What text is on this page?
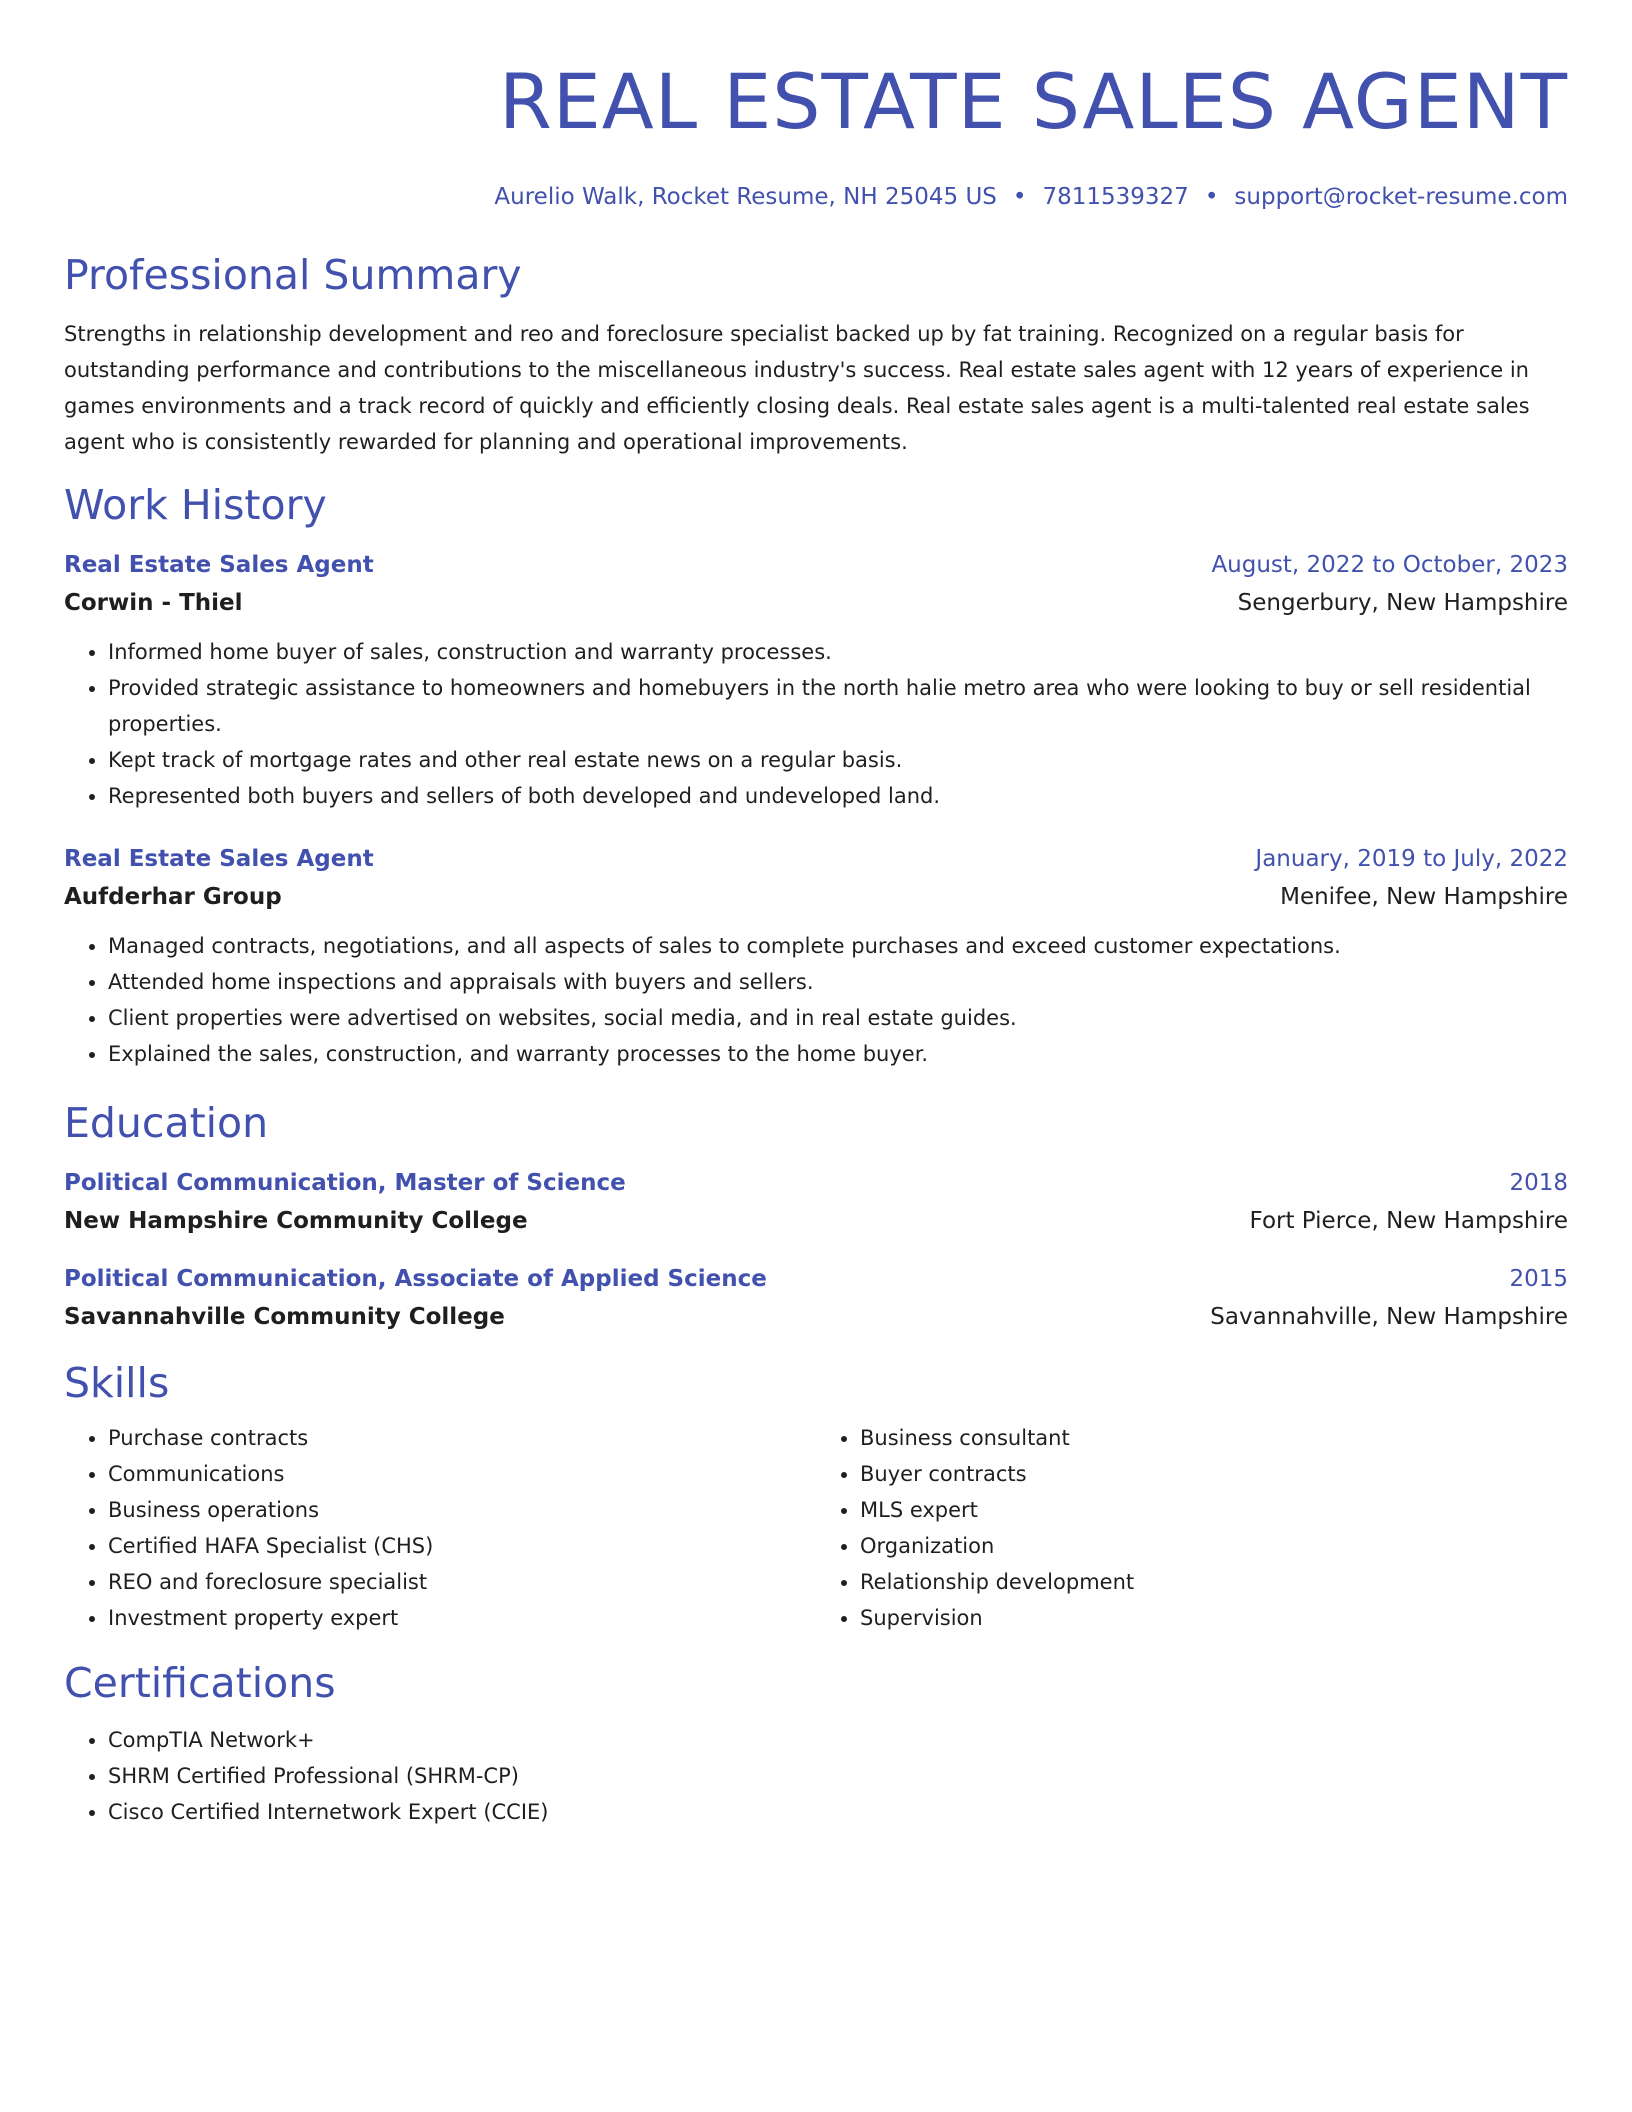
REAL ESTATE SALES AGENT
Aurelio Walk, Rocket Resume, NH 25045 US • 7811539327 • support@rocket-resume.com
Professional Summary
Strengths in relationship development and reo and foreclosure specialist backed up by fat training. Recognized on a regular basis for outstanding performance and contributions to the miscellaneous industry's success. Real estate sales agent with 12 years of experience in games environments and a track record of quickly and efficiently closing deals. Real estate sales agent is a multi-talented real estate sales agent who is consistently rewarded for planning and operational improvements.
Work History
Real Estate Sales Agent	August, 2022 to October, 2023
Corwin - Thiel	Sengerbury, New Hampshire
• Informed home buyer of sales, construction and warranty processes.
• Provided strategic assistance to homeowners and homebuyers in the north halie metro area who were looking to buy or sell residential properties.
• Kept track of mortgage rates and other real estate news on a regular basis.
• Represented both buyers and sellers of both developed and undeveloped land.
Real Estate Sales Agent	January, 2019 to July, 2022
Aufderhar Group	Menifee, New Hampshire
• Managed contracts, negotiations, and all aspects of sales to complete purchases and exceed customer expectations.
• Attended home inspections and appraisals with buyers and sellers.
• Client properties were advertised on websites, social media, and in real estate guides.
• Explained the sales, construction, and warranty processes to the home buyer.
Education
Political Communication, Master of Science	2018
New Hampshire Community College	Fort Pierce, New Hampshire
Political Communication, Associate of Applied Science	2015
Savannahville Community College	Savannahville, New Hampshire
Skills
• Purchase contracts
• Communications
• Business operations
• Certified HAFA Specialist (CHS)
• REO and foreclosure specialist
• Investment property expert
• Business consultant
• Buyer contracts
• MLS expert
• Organization
• Relationship development
• Supervision
Certifications
• CompTIA Network+
• SHRM Certified Professional (SHRM-CP)
• Cisco Certified Internetwork Expert (CCIE)
